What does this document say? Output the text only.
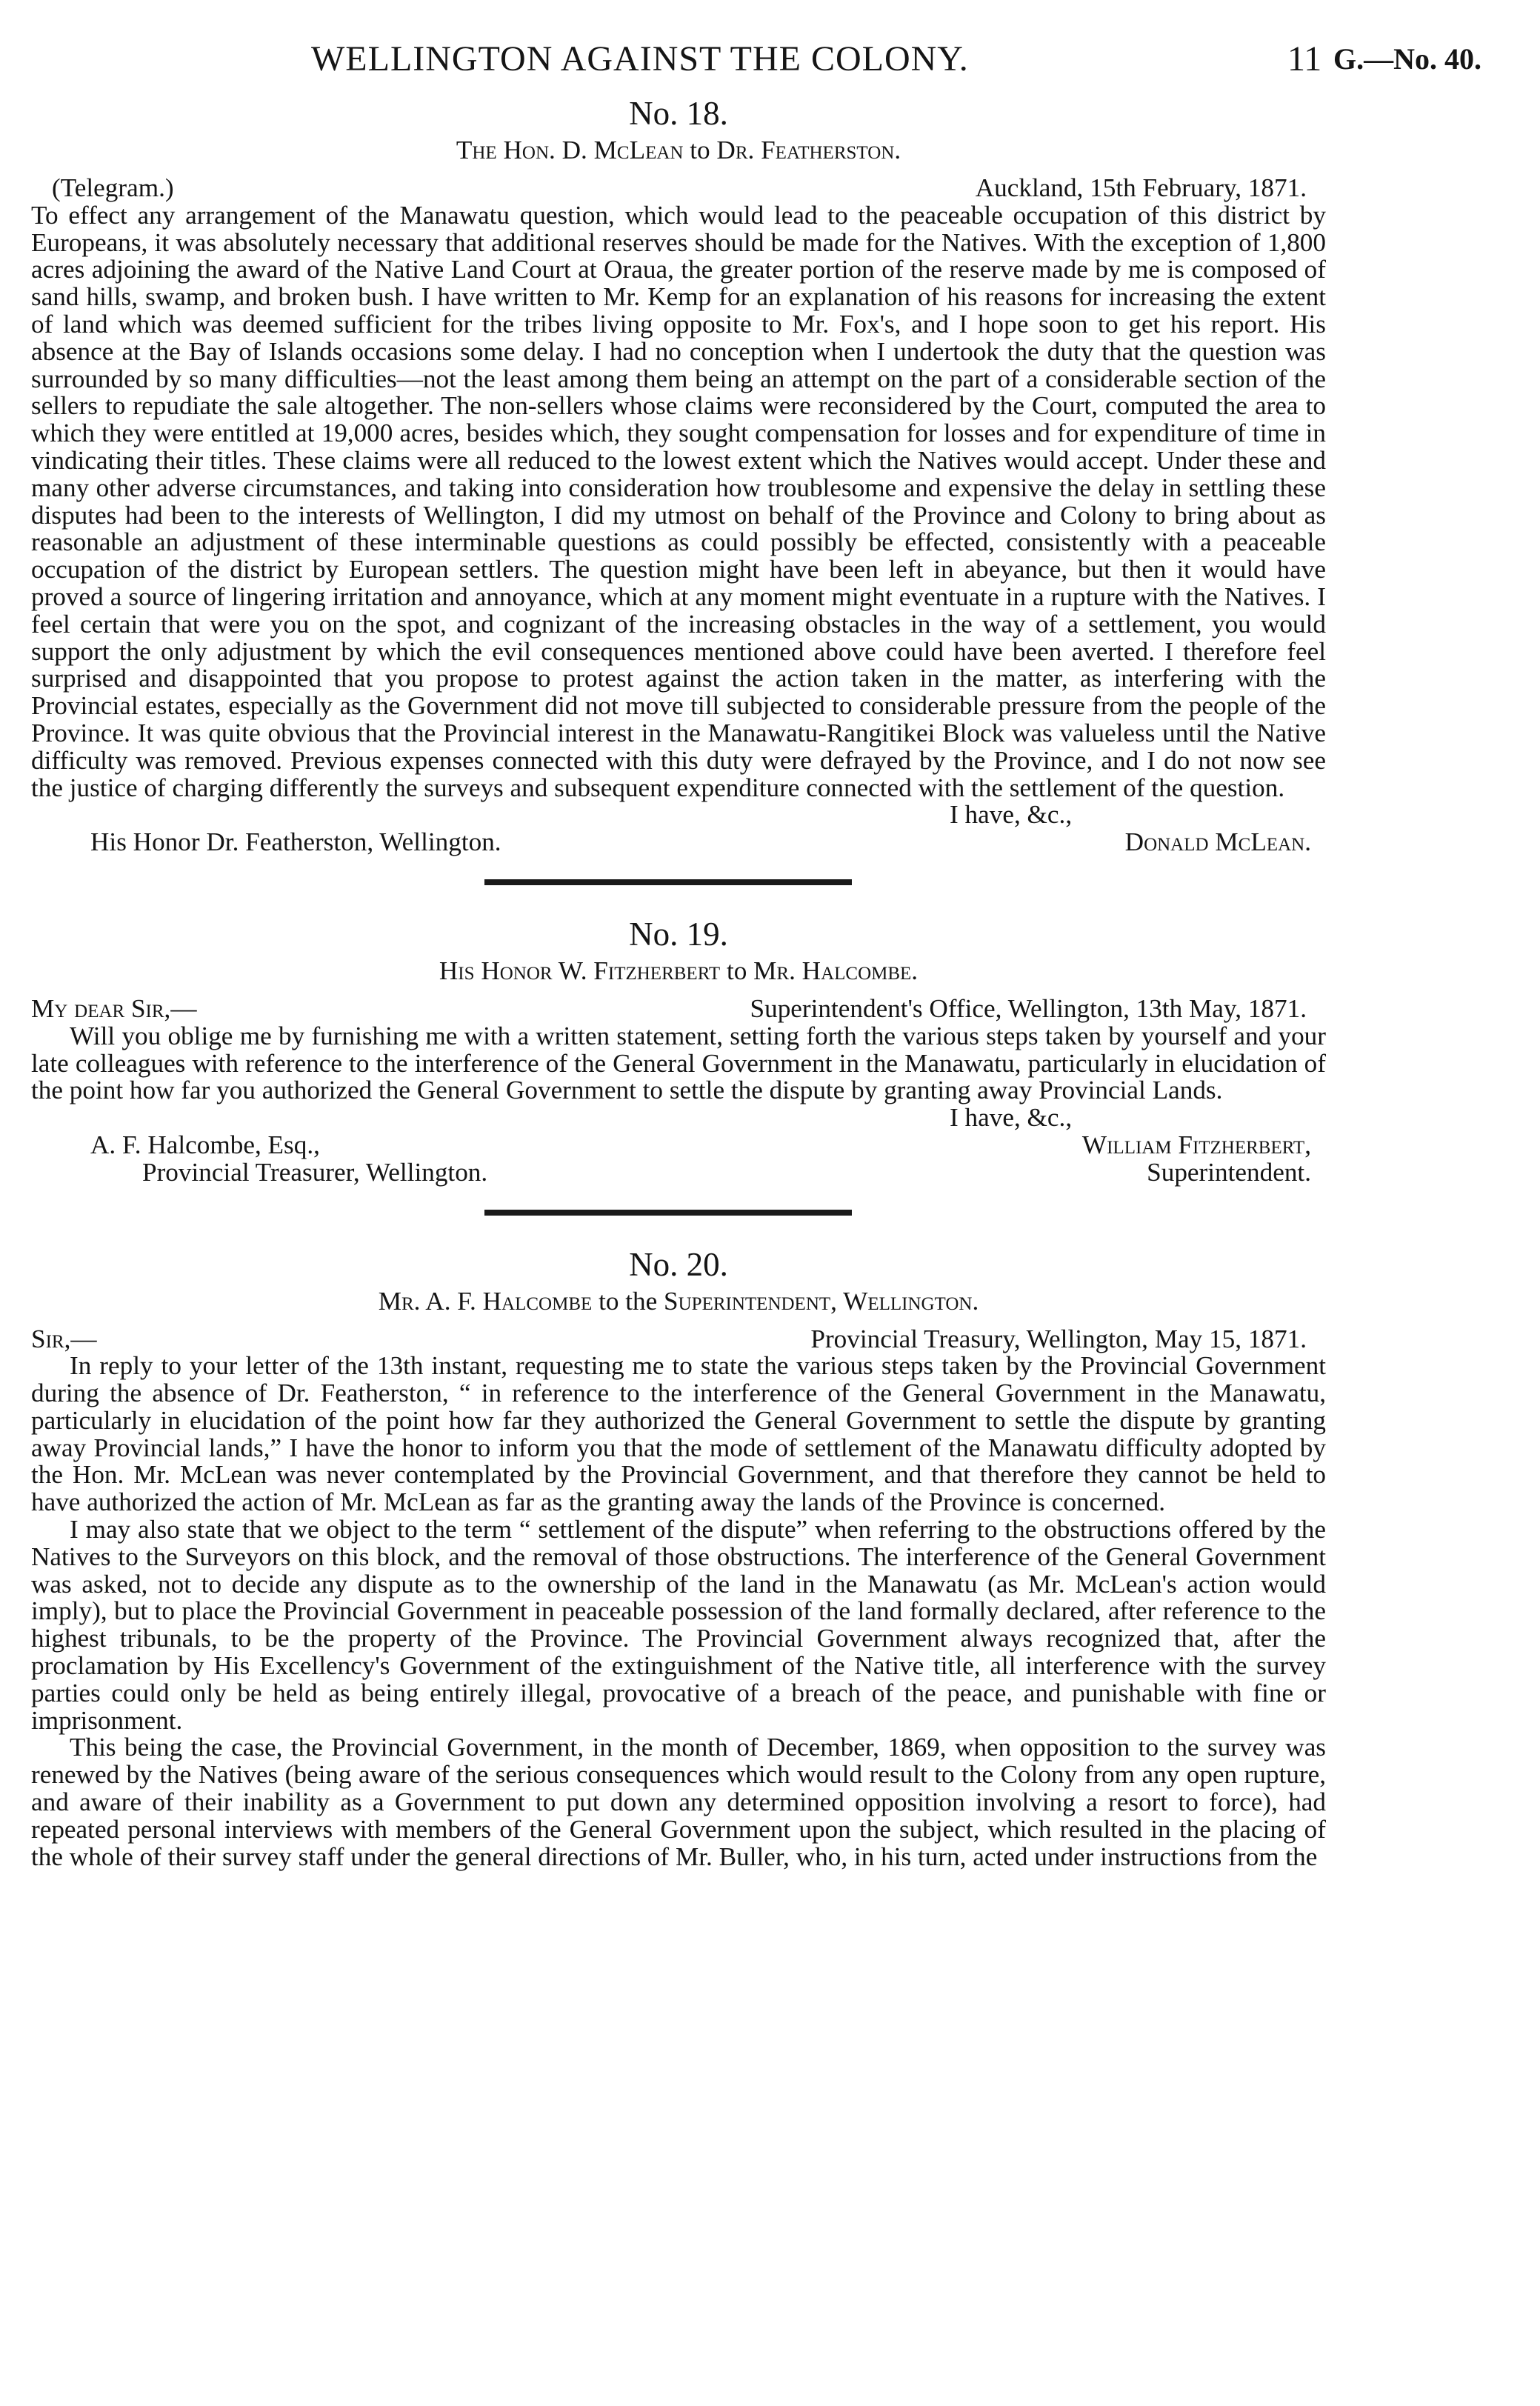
WELLINGTON AGAINST THE COLONY.	11 G.—No. 40.
No. 18.
The Hon. D. McLean to Dr. Featherston.
(Telegram.)	Auckland, 15th February, 1871.

To effect any arrangement of the Manawatu question, which would lead to the peaceable occupation of this district by Europeans, it was absolutely necessary that additional reserves should be made for the Natives. With the exception of 1,800 acres adjoining the award of the Native Land Court at Oraua, the greater portion of the reserve made by me is composed of sand hills, swamp, and broken bush. I have written to Mr. Kemp for an explanation of his reasons for increasing the extent of land which was deemed sufficient for the tribes living opposite to Mr. Fox's, and I hope soon to get his report. His absence at the Bay of Islands occasions some delay. I had no conception when I undertook the duty that the question was surrounded by so many difficulties—not the least among them being an attempt on the part of a considerable section of the sellers to repudiate the sale altogether. The non-sellers whose claims were reconsidered by the Court, computed the area to which they were entitled at 19,000 acres, besides which, they sought compensation for losses and for expenditure of time in vindicating their titles. These claims were all reduced to the lowest extent which the Natives would accept. Under these and many other adverse circumstances, and taking into consideration how troublesome and expensive the delay in settling these disputes had been to the interests of Wellington, I did my utmost on behalf of the Province and Colony to bring about as reasonable an adjustment of these interminable questions as could possibly be effected, consistently with a peaceable occupation of the district by European settlers. The question might have been left in abeyance, but then it would have proved a source of lingering irritation and annoyance, which at any moment might eventuate in a rupture with the Natives. I feel certain that were you on the spot, and cognizant of the increasing obstacles in the way of a settlement, you would support the only adjustment by which the evil consequences mentioned above could have been averted. I therefore feel surprised and disappointed that you propose to protest against the action taken in the matter, as interfering with the Provincial estates, especially as the Government did not move till subjected to considerable pressure from the people of the Province. It was quite obvious that the Provincial interest in the Manawatu-Rangitikei Block was valueless until the Native difficulty was removed. Previous expenses connected with this duty were defrayed by the Province, and I do not now see the justice of charging differently the surveys and subsequent expenditure connected with the settlement of the question.

I have, &c.,
His Honor Dr. Featherston, Wellington.	Donald McLean.
No. 19.
His Honor W. Fitzherbert to Mr. Halcombe.
My dear Sir,—	Superintendent's Office, Wellington, 13th May, 1871.

Will you oblige me by furnishing me with a written statement, setting forth the various steps taken by yourself and your late colleagues with reference to the interference of the General Government in the Manawatu, particularly in elucidation of the point how far you authorized the General Government to settle the dispute by granting away Provincial Lands.

I have, &c.,
A. F. Halcombe, Esq.,	William Fitzherbert,
Provincial Treasurer, Wellington.	Superintendent.
No. 20.
Mr. A. F. Halcombe to the Superintendent, Wellington.
Sir,—	Provincial Treasury, Wellington, May 15, 1871.

In reply to your letter of the 13th instant, requesting me to state the various steps taken by the Provincial Government during the absence of Dr. Featherston, “ in reference to the interference of the General Government in the Manawatu, particularly in elucidation of the point how far they authorized the General Government to settle the dispute by granting away Provincial lands,” I have the honor to inform you that the mode of settlement of the Manawatu difficulty adopted by the Hon. Mr. McLean was never contemplated by the Provincial Government, and that therefore they cannot be held to have authorized the action of Mr. McLean as far as the granting away the lands of the Province is concerned.

I may also state that we object to the term “ settlement of the dispute” when referring to the obstructions offered by the Natives to the Surveyors on this block, and the removal of those obstructions. The interference of the General Government was asked, not to decide any dispute as to the ownership of the land in the Manawatu (as Mr. McLean's action would imply), but to place the Provincial Government in peaceable possession of the land formally declared, after reference to the highest tribunals, to be the property of the Province. The Provincial Government always recognized that, after the proclamation by His Excellency's Government of the extinguishment of the Native title, all interference with the survey parties could only be held as being entirely illegal, provocative of a breach of the peace, and punishable with fine or imprisonment.

This being the case, the Provincial Government, in the month of December, 1869, when opposition to the survey was renewed by the Natives (being aware of the serious consequences which would result to the Colony from any open rupture, and aware of their inability as a Government to put down any determined opposition involving a resort to force), had repeated personal interviews with members of the General Government upon the subject, which resulted in the placing of the whole of their survey staff under the general directions of Mr. Buller, who, in his turn, acted under instructions from the
